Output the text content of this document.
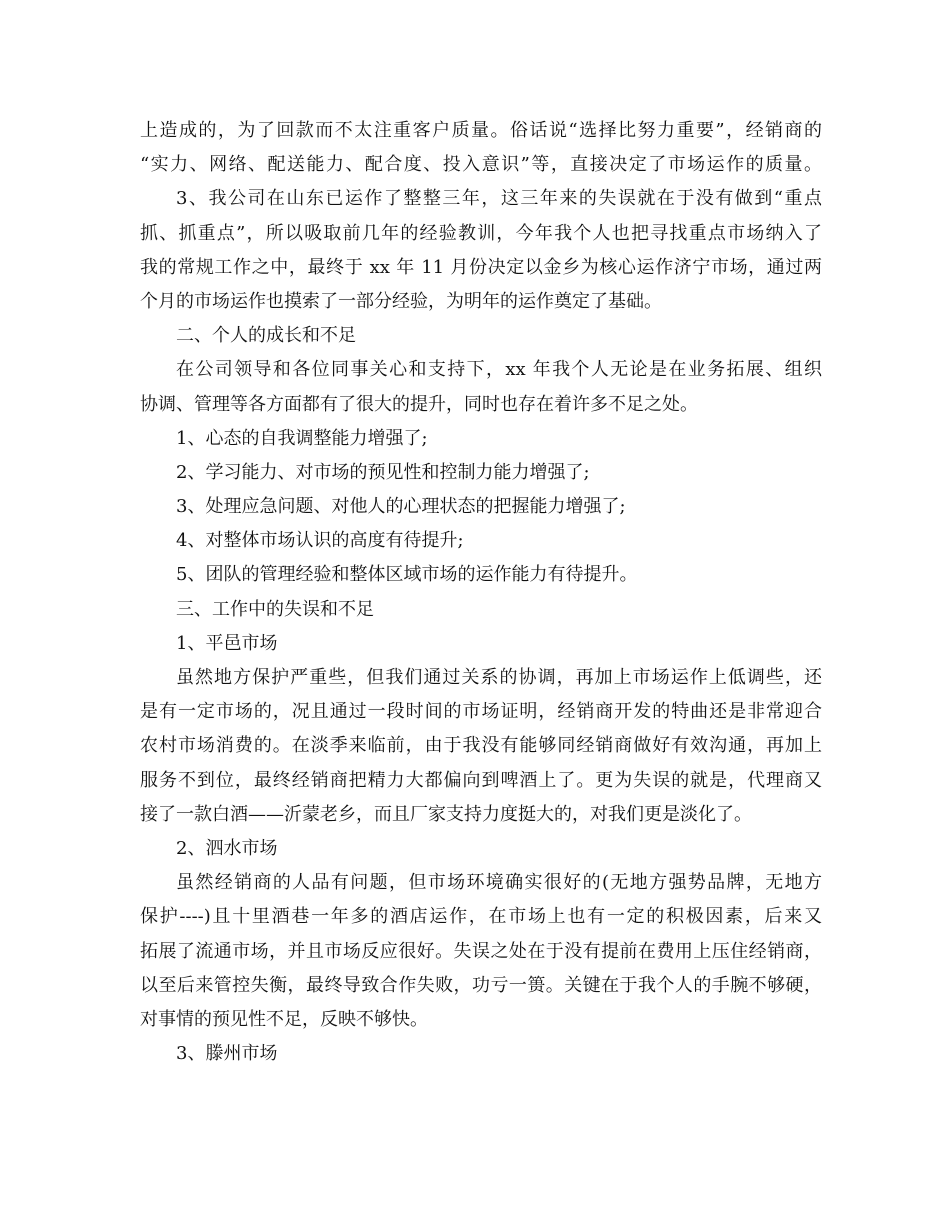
上造成的，为了回款而不太注重客户质量。俗话说“选择比努力重要”，经销商的
“实力、网络、配送能力、配合度、投入意识”等，直接决定了市场运作的质量。
3、我公司在山东已运作了整整三年，这三年来的失误就在于没有做到“重点
抓、抓重点”，所以吸取前几年的经验教训，今年我个人也把寻找重点市场纳入了
我的常规工作之中，最终于 xx 年 11 月份决定以金乡为核心运作济宁市场，通过两
个月的市场运作也摸索了一部分经验，为明年的运作奠定了基础。
二、个人的成长和不足
在公司领导和各位同事关心和支持下，xx 年我个人无论是在业务拓展、组织
协调、管理等各方面都有了很大的提升，同时也存在着许多不足之处。
1、心态的自我调整能力增强了;
2、学习能力、对市场的预见性和控制力能力增强了;
3、处理应急问题、对他人的心理状态的把握能力增强了;
4、对整体市场认识的高度有待提升;
5、团队的管理经验和整体区域市场的运作能力有待提升。
三、工作中的失误和不足
1、平邑市场
虽然地方保护严重些，但我们通过关系的协调，再加上市场运作上低调些，还
是有一定市场的，况且通过一段时间的市场证明，经销商开发的特曲还是非常迎合
农村市场消费的。在淡季来临前，由于我没有能够同经销商做好有效沟通，再加上
服务不到位，最终经销商把精力大都偏向到啤酒上了。更为失误的就是，代理商又
接了一款白酒——沂蒙老乡，而且厂家支持力度挺大的，对我们更是淡化了。
2、泗水市场
虽然经销商的人品有问题，但市场环境确实很好的(无地方强势品牌，无地方
保护----)且十里酒巷一年多的酒店运作，在市场上也有一定的积极因素，后来又
拓展了流通市场，并且市场反应很好。失误之处在于没有提前在费用上压住经销商，
以至后来管控失衡，最终导致合作失败，功亏一篑。关键在于我个人的手腕不够硬，
对事情的预见性不足，反映不够快。
3、滕州市场
